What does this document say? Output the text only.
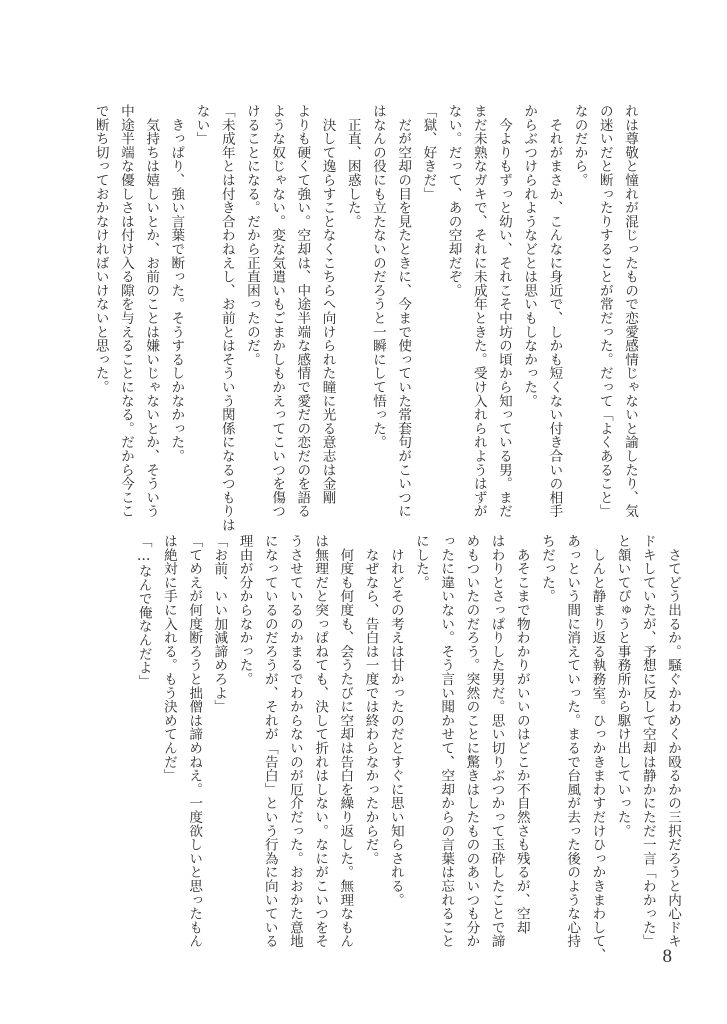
れは尊敬と憧れが混じったもので恋愛感情じゃないと諭したり、気

の迷いだと断ったりすることが常だった。だって「よくあること」

なのだから。

　それがまさか、こんなに身近で、しかも短くない付き合いの相手

からぶつけられようなどとは思いもしなかった。

　今よりもずっと幼い、それこそ中坊の頃から知っている男。まだ

まだ未熟なガキで、それに未成年ときた。受け入れられようはずが

ない。だって、あの空却だぞ。

「獄、好きだ」

　だが空却の目を見たときに、今まで使っていた常套句がこいつに

はなんの役にも立たないのだろうと一瞬にして悟った。

　正直、困惑した。

　決して逸らすことなくこちらへ向けられた瞳に光る意志は金剛

よりも硬くて強い。空却は、中途半端な感情で愛だの恋だのを語る

ような奴じゃない。変な気遣いもごまかしもかえってこいつを傷つ

けることになる。だから正直困ったのだ。

「未成年とは付き合わねえし、お前とはそういう関係になるつもりは

ない」

　きっぱり、強い言葉で断った。そうするしかなかった。

　気持ちは嬉しいとか、お前のことは嫌いじゃないとか、そういう

中途半端な優しさは付け入る隙を与えることになる。だから今ここ

で断ち切っておかなければいけないと思った。

　さてどう出るか。騒ぐかわめくか殴るかの三択だろうと内心ドキ

ドキしていたが、予想に反して空却は静かにただ一言「わかった」

と頷いてぴゅうと事務所から駆け出していった。

　しんと静まり返る執務室。ひっかきまわすだけひっかきまわして、

あっという間に消えていった。まるで台風が去った後のような心持

ちだった。

　あそこまで物わかりがいいのはどこか不自然さも残るが、空却

はわりとさっぱりした男だ。思い切りぶつかって玉砕したことで諦

めもついたのだろう。突然のことに驚きはしたもののあいつも分か

ったに違いない。そう言い聞かせて、空却からの言葉は忘れること

にした。

　けれどその考えは甘かったのだとすぐに思い知らされる。

　なぜなら、告白は一度では終わらなかったからだ。

　何度も何度も、会うたびに空却は告白を繰り返した。無理なもん

は無理だと突っぱねても、決して折れはしない。なにがこいつをそ

うさせているのかまるでわからないのが厄介だった。おおかた意地

になっているのだろうが、それが「告白」という行為に向いている

理由が分からなかった。

「お前、いい加減諦めろよ」

「てめえが何度断ろうと拙僧は諦めねえ。一度欲しいと思ったもん

は絶対に手に入れる。もう決めてんだ」

「…なんで俺なんだよ」

8
